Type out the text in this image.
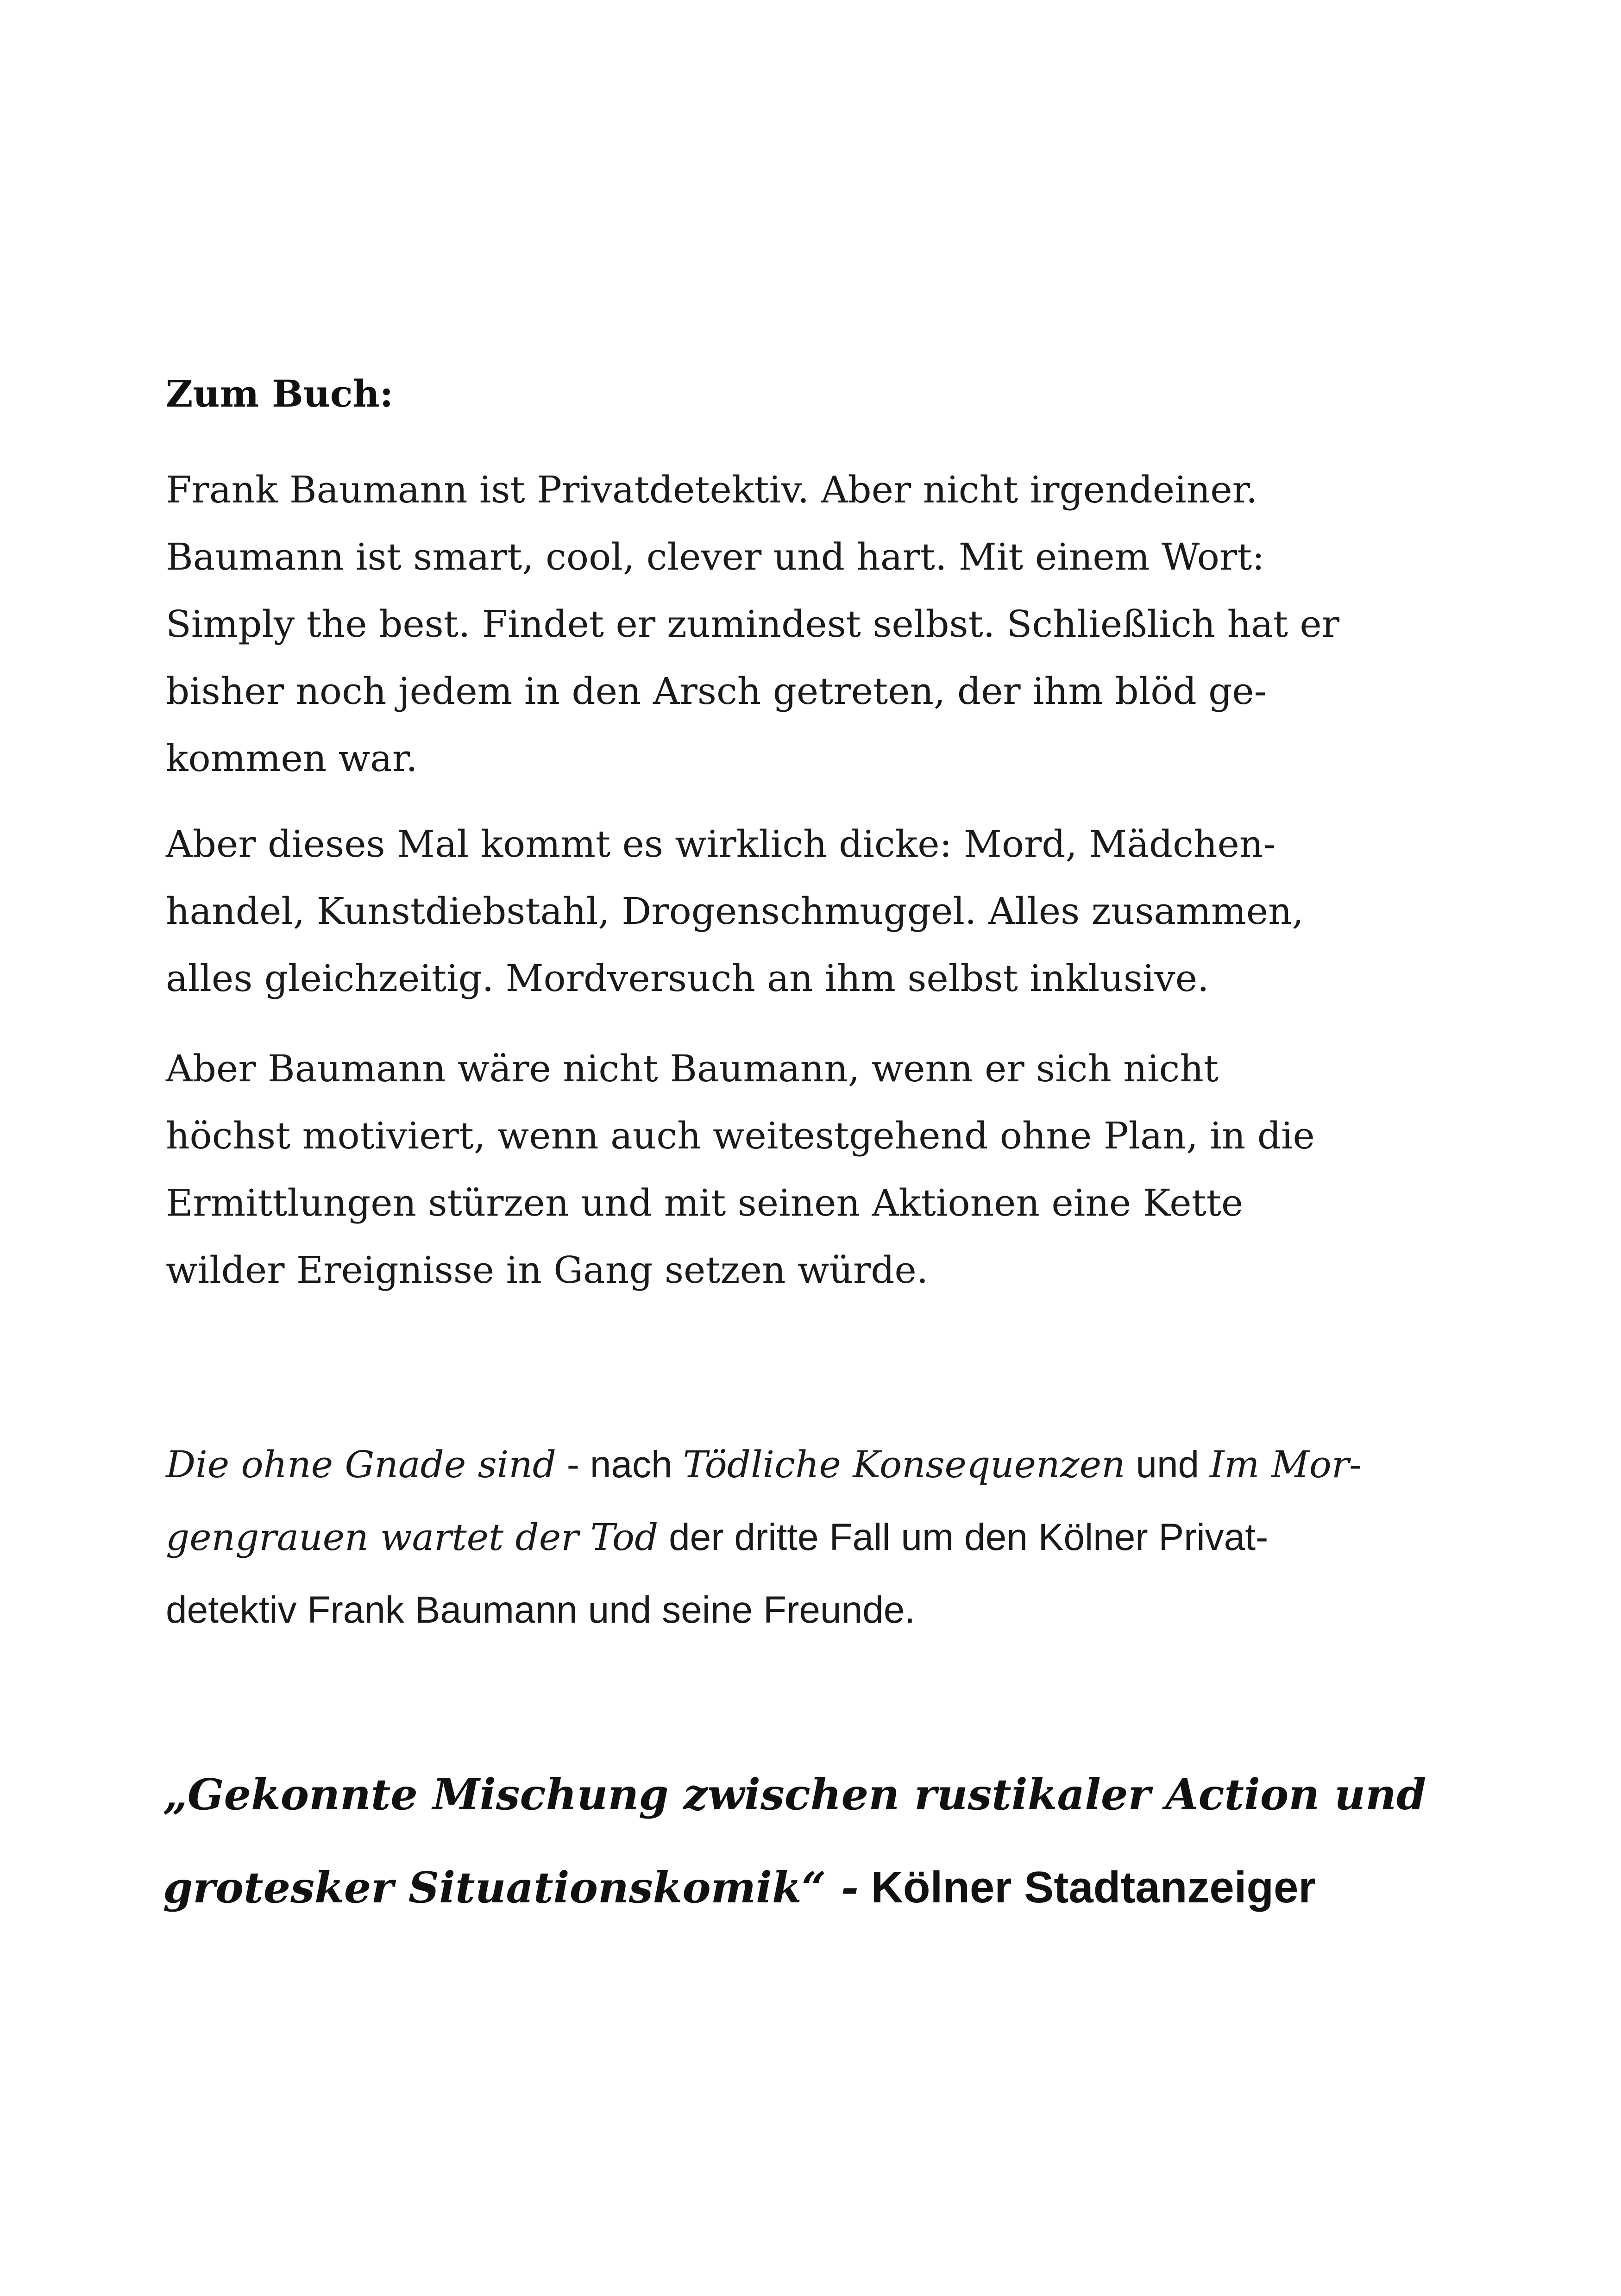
Zum Buch:

Frank Baumann ist Privatdetektiv. Aber nicht irgendeiner.
Baumann ist smart, cool, clever und hart. Mit einem Wort:
Simply the best. Findet er zumindest selbst. Schließlich hat er
bisher noch jedem in den Arsch getreten, der ihm blöd ge-
kommen war.

Aber dieses Mal kommt es wirklich dicke: Mord, Mädchen-
handel, Kunstdiebstahl, Drogenschmuggel. Alles zusammen,
alles gleichzeitig. Mordversuch an ihm selbst inklusive.

Aber Baumann wäre nicht Baumann, wenn er sich nicht
höchst motiviert, wenn auch weitestgehend ohne Plan, in die
Ermittlungen stürzen und mit seinen Aktionen eine Kette
wilder Ereignisse in Gang setzen würde.

Die ohne Gnade sind - nach Tödliche Konsequenzen und Im Mor-
gengrauen wartet der Tod der dritte Fall um den Kölner Privat-
detektiv Frank Baumann und seine Freunde.

„Gekonnte Mischung zwischen rustikaler Action und
grotesker Situationskomik“ - Kölner Stadtanzeiger
